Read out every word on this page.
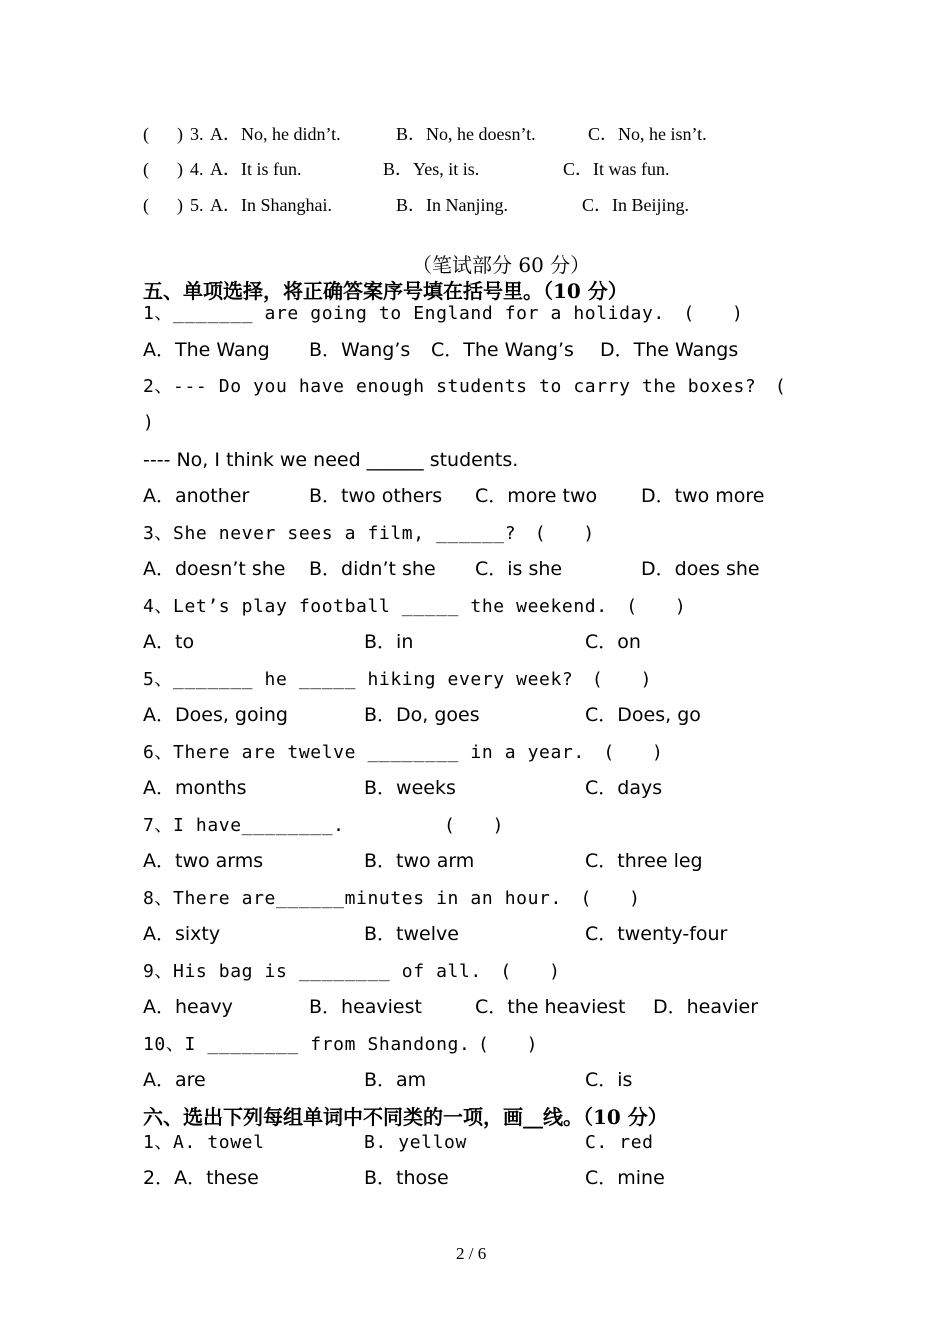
( ) 3. A．No, he didn’t.	B．No, he doesn’t.	C．No, he isn’t.
( ) 4. A．It is fun.	B．Yes, it is.	C．It was fun.
( ) 5. A．In Shanghai.	B．In Nanjing.	C．In Beijing.
（笔试部分 60 分）
五、单项选择，将正确答案序号填在括号里。（10 分）
1、_______ are going to England for a holiday.　(　　)
A．The Wang B．Wang’s C．The Wang’s D．The Wangs
2、--- Do you have enough students to carry the boxes?　(
)
---- No, I think we need ______ students.
A．another	B．two others C．more two D．two more
3、She never sees a film, ______?　(　　)
A．doesn’t she B．didn’t she C．is she	D．does she
4、Let’s play football _____ the weekend.　(　　)
A．to	B．in	C．on
5、_______ he _____ hiking every week?　(　　)
A．Does, going	B．Do, goes	C．Does, go
6、There are twelve ________ in a year.　(　　)
A．months	B．weeks	C．days
7、I have________.	(　　)
A．two arms	B．two arm	C．three leg
8、There are______minutes in an hour.　(　　)
A．sixty	B．twelve	C．twenty-four
9、His bag is ________ of all.　(　　)
A．heavy	B．heaviest	C．the heaviest D．heavier
10、I ________ from Shandong. (　　)
A．are	B．am	C．is
六、选出下列每组单词中不同类的一项，画__线。（10 分）
1、A. towel	B. yellow	C. red
2．A．these	B．those	C．mine
2 / 6
